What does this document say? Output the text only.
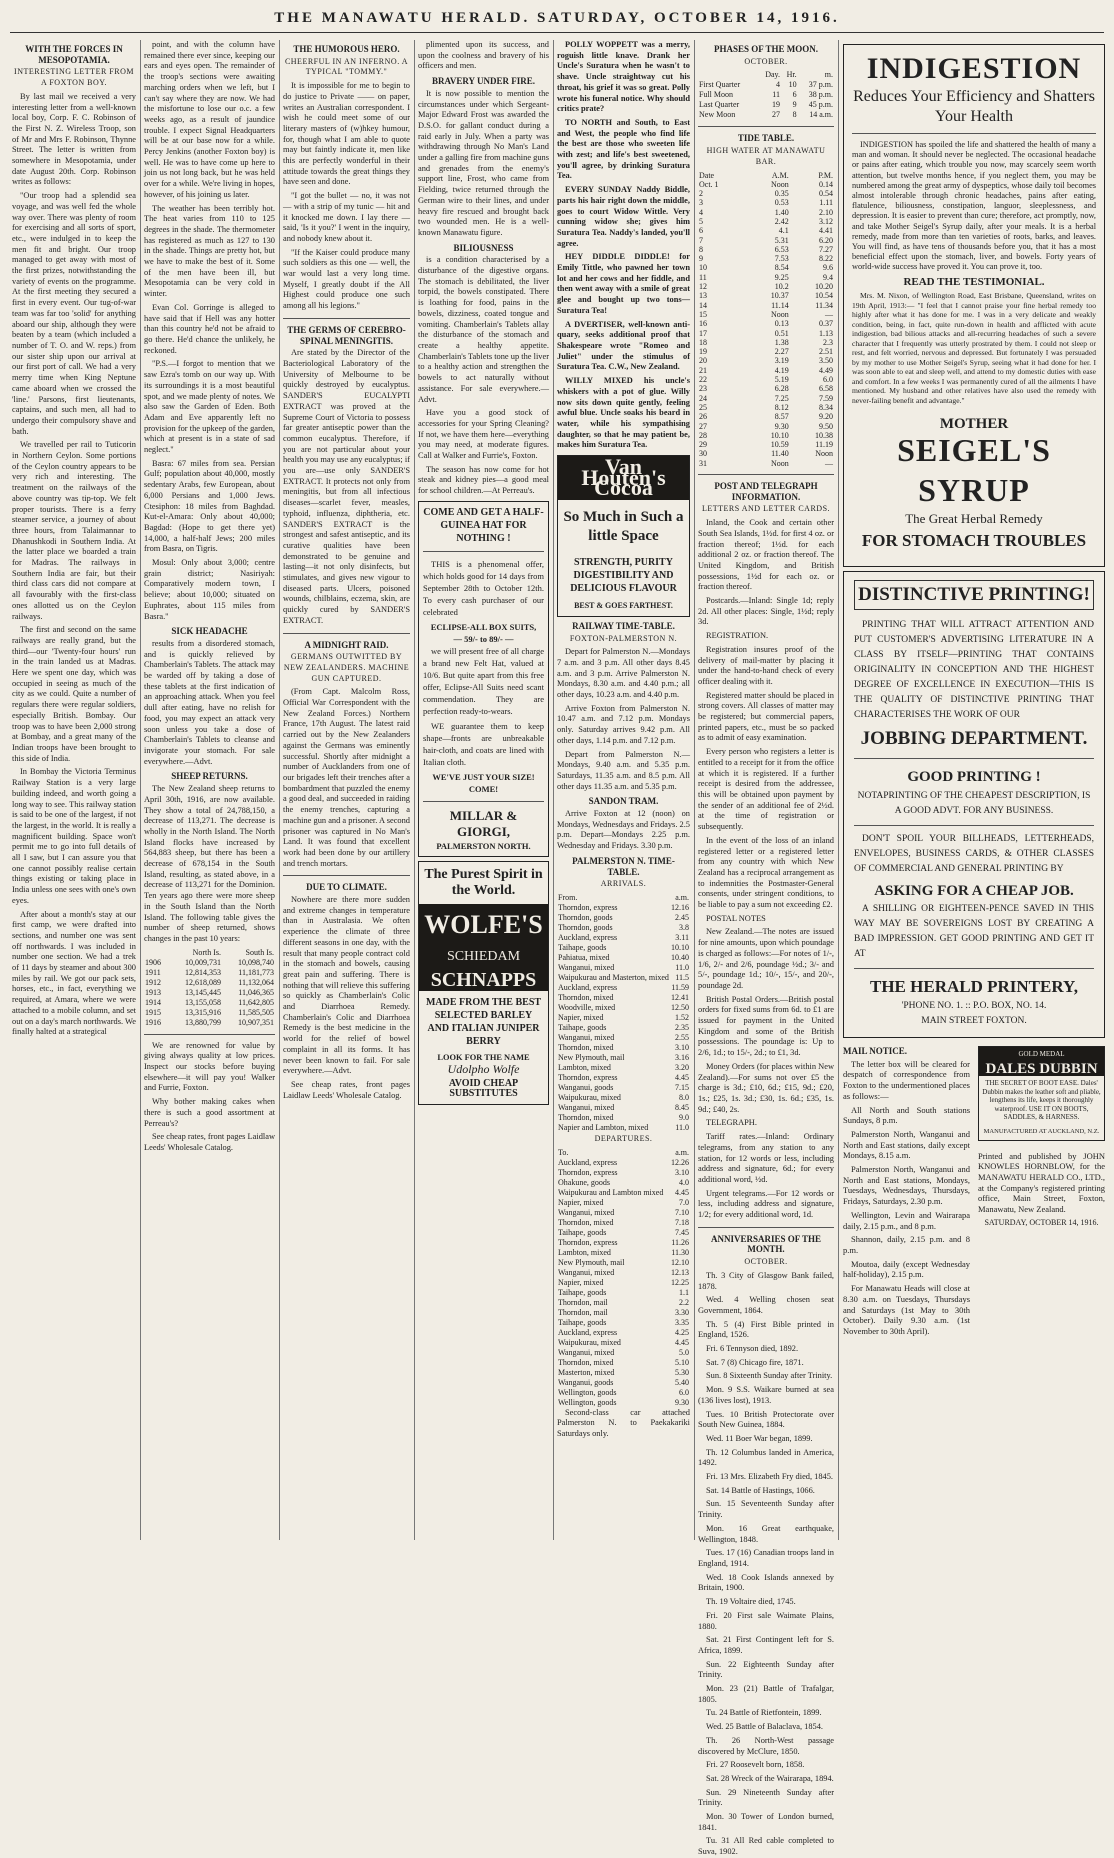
THE MANAWATU HERALD. SATURDAY, OCTOBER 14, 1916.
WITH THE FORCES IN MESOPOTAMIA.
INTERESTING LETTER FROM A FOXTON BOY.

By last mail we received a very interesting letter from a well-known local boy, Corp. F. C. Robinson of the First N. Z. Wireless Troop, son of Mr and Mrs F. Robinson, Thynne Street. The letter is written from somewhere in Mesopotamia, under date August 20th. Corp. Robinson writes as follows:

"Our troop had a splendid sea voyage, and was well fed the whole way over. There was plenty of room for exercising and all sorts of sport, etc., were indulged in to keep the men fit and bright. Our troop managed to get away with most of the first prizes, notwithstanding the variety of events on the programme. At the first meeting they secured a first in every event. Our tug-of-war team was far too 'solid' for anything aboard our ship, although they were beaten by a team (which included a number of T. O. and W. reps.) from our sister ship upon our arrival at our first port of call. We had a very merry time when King Neptune came aboard when we crossed the 'line.' Parsons, first lieutenants, captains, and such men, all had to undergo their compulsory shave and bath.

We travelled per rail to Tuticorin in Northern Ceylon. Some portions of the Ceylon country appears to be very rich and interesting. The treatment on the railways of the above country was tip-top. We felt proper tourists. There is a ferry steamer service, a journey of about three hours, from Talaimannar to Dhanushkodi in Southern India. At the latter place we boarded a train for Madras. The railways in Southern India are fair, but their third class cars did not compare at all favourably with the first-class ones allotted us on the Ceylon railways.

The first and second on the same railways are really grand, but the third—our 'Twenty-four hours' run in the train landed us at Madras. Here we spent one day, which was occupied in seeing as much of the city as we could. Quite a number of regulars there were regular soldiers, especially British. Bombay. Our troop was to have been 2,000 strong at Bombay, and a great many of the Indian troops have been brought to this side of India.

In Bombay the Victoria Terminus Railway Station is a very large building indeed, and worth going a long way to see. This railway station is said to be one of the largest, if not the largest, in the world. It is really a magnificent building. Space won't permit me to go into full details of all I saw, but I can assure you that one cannot possibly realise certain things existing or taking place in India unless one sees with one's own eyes.

After about a month's stay at our first camp, we were drafted into sections, and number one was sent off northwards. I was included in number one section. We had a trek of 11 days by steamer and about 300 miles by rail. We got our pack sets, horses, etc., in fact, everything we required, at Amara, where we were attached to a mobile column, and set out on a day's march northwards. We finally halted at a strategical

point, and with the column have remained there ever since, keeping our ears and eyes open. The remainder of the troop's sections were awaiting marching orders when we left, but I can't say where they are now. We had the misfortune to lose our o.c. a few weeks ago, as a result of jaundice trouble. I expect Signal Headquarters will be at our base now for a while. Percy Jenkins (another Foxton boy) is well. He was to have come up here to join us not long back, but he was held over for a while. We're living in hopes, however, of his joining us later.

The weather has been terribly hot. The heat varies from 110 to 125 degrees in the shade. The thermometer has registered as much as 127 to 130 in the shade. Things are pretty hot, but we have to make the best of it. Some of the men have been ill, but Mesopotamia can be very cold in winter.

Evan Col. Gorringe is alleged to have said that if Hell was any hotter than this country he'd not be afraid to go there. He'd chance the unlikely, he reckoned.

"P.S.—I forgot to mention that we saw Ezra's tomb on our way up. With its surroundings it is a most beautiful spot, and we made plenty of notes. We also saw the Garden of Eden. Both Adam and Eve apparently left no provision for the upkeep of the garden, which at present is in a state of sad neglect."

Basra: 67 miles from sea. Persian Gulf; population about 40,000, mostly sedentary Arabs, few European, about 6,000 Persians and 1,000 Jews. Ctesiphon: 18 miles from Baghdad. Kut-el-Amara: Only about 40,000; Bagdad: (Hope to get there yet) 14,000, a half-half Jews; 200 miles from Basra, on Tigris.

Mosul: Only about 3,000; centre grain district; Nasiriyah: Comparatively modern town, I believe; about 10,000; situated on Euphrates, about 115 miles from Basra."

SICK HEADACHE

results from a disordered stomach, and is quickly relieved by Chamberlain's Tablets. The attack may be warded off by taking a dose of these tablets at the first indication of an approaching attack. When you feel dull after eating, have no relish for food, you may expect an attack very soon unless you take a dose of Chamberlain's Tablets to cleanse and invigorate your stomach. For sale everywhere.—Advt.

SHEEP RETURNS.

The New Zealand sheep returns to April 30th, 1916, are now available. They show a total of 24,788,150, a decrease of 113,271. The decrease is wholly in the North Island. The North Island flocks have increased by 564,883 sheep, but there has been a decrease of 678,154 in the South Island, resulting, as stated above, in a decrease of 113,271 for the Dominion. Ten years ago there were more sheep in the South Island than the North Island. The following table gives the number of sheep returned, shows changes in the past 10 years:

	North Is.	South Is.
1906	10,009,731	10,098,740
1911	12,814,353	11,181,773
1912	12,618,089	11,132,064
1913	13,145,445	11,046,365
1914	13,155,058	11,642,805
1915	13,315,916	11,585,505
1916	13,880,799	10,907,351

We are renowned for value by giving always quality at low prices. Inspect our stocks before buying elsewhere—it will pay you! Walker and Furrie, Foxton.

Why bother making cakes when there is such a good assortment at Perreau's?

See cheap rates, front pages Laidlaw Leeds' Wholesale Catalog.

THE HUMOROUS HERO.
CHEERFUL IN AN INFERNO. A TYPICAL "TOMMY."

It is impossible for me to begin to do justice to Private —— on paper, writes an Australian correspondent. I wish he could meet some of our literary masters of (w)hkey humour, for, though what I am able to quote may but faintly indicate it, men like this are perfectly wonderful in their attitude towards the great things they have seen and done.

"I got the bullet — no, it was not — with a strip of my tunic — hit and it knocked me down. I lay there — said, 'Is it you?' I went in the inquiry, and nobody knew about it.

"If the Kaiser could produce many such soldiers as this one — well, the war would last a very long time. Myself, I greatly doubt if the All Highest could produce one such among all his legions."

THE GERMS OF CEREBRO-SPINAL MENINGITIS.

Are stated by the Director of the Bacteriological Laboratory of the University of Melbourne to be quickly destroyed by eucalyptus. SANDER'S EUCALYPTI EXTRACT was proved at the Supreme Court of Victoria to possess far greater antiseptic power than the common eucalyptus. Therefore, if you are not particular about your health you may use any eucalyptus; if you are—use only SANDER'S EXTRACT. It protects not only from meningitis, but from all infectious diseases—scarlet fever, measles, typhoid, influenza, diphtheria, etc. SANDER'S EXTRACT is the strongest and safest antiseptic, and its curative qualities have been demonstrated to be genuine and lasting—it not only disinfects, but stimulates, and gives new vigour to diseased parts. Ulcers, poisoned wounds, chilblains, eczema, skin, are quickly cured by SANDER'S EXTRACT.

A MIDNIGHT RAID.
GERMANS OUTWITTED BY NEW ZEALANDERS. MACHINE GUN CAPTURED.

(From Capt. Malcolm Ross, Official War Correspondent with the New Zealand Forces.) Northern France, 17th August. The latest raid carried out by the New Zealanders against the Germans was eminently successful. Shortly after midnight a number of Aucklanders from one of our brigades left their trenches after a bombardment that puzzled the enemy a good deal, and succeeded in raiding the enemy trenches, capturing a machine gun and a prisoner. A second prisoner was captured in No Man's Land. It was found that excellent work had been done by our artillery and trench mortars.

DUE TO CLIMATE.

Nowhere are there more sudden and extreme changes in temperature than in Australasia. We often experience the climate of three different seasons in one day, with the result that many people contract cold in the stomach and bowels, causing great pain and suffering. There is nothing that will relieve this suffering so quickly as Chamberlain's Colic and Diarrhoea Remedy. Chamberlain's Colic and Diarrhoea Remedy is the best medicine in the world for the relief of bowel complaint in all its forms. It has never been known to fail. For sale everywhere.—Advt.

See cheap rates, front pages Laidlaw Leeds' Wholesale Catalog.

plimented upon its success, and upon the coolness and bravery of his officers and men.

BRAVERY UNDER FIRE.

It is now possible to mention the circumstances under which Sergeant-Major Edward Frost was awarded the D.S.O. for gallant conduct during a raid early in July. When a party was withdrawing through No Man's Land under a galling fire from machine guns and grenades from the enemy's support line, Frost, who came from Fielding, twice returned through the German wire to their lines, and under heavy fire rescued and brought back two wounded men. He is a well-known Manawatu figure.

BILIOUSNESS

is a condition characterised by a disturbance of the digestive organs. The stomach is debilitated, the liver torpid, the bowels constipated. There is loathing for food, pains in the bowels, dizziness, coated tongue and vomiting. Chamberlain's Tablets allay the disturbance of the stomach and create a healthy appetite. Chamberlain's Tablets tone up the liver to a healthy action and strengthen the bowels to act naturally without assistance. For sale everywhere.—Advt.

Have you a good stock of accessories for your Spring Cleaning? If not, we have them here—everything you may need, at moderate figures. Call at Walker and Furrie's, Foxton.

The season has now come for hot steak and kidney pies—a good meal for school children.—At Perreau's.

COME AND GET A HALF-GUINEA HAT FOR NOTHING !

THIS is a phenomenal offer, which holds good for 14 days from September 28th to October 12th. To every cash purchaser of our celebrated

ECLIPSE-ALL BOX SUITS,
— 59/- to 89/- —

we will present free of all charge a brand new Felt Hat, valued at 10/6. But quite apart from this free offer, Eclipse-All Suits need scant commendation. They are perfection ready-to-wears.

WE guarantee them to keep shape—fronts are unbreakable hair-cloth, and coats are lined with Italian cloth.

WE'VE JUST YOUR SIZE! COME!
MILLAR & GIORGI,
PALMERSTON NORTH.
The Purest Spirit in the World.
WOLFE'S
SCHIEDAM
SCHNAPPS
MADE FROM THE BEST SELECTED BARLEY AND ITALIAN JUNIPER BERRY
LOOK FOR THE NAME
Udolpho Wolfe
AVOID CHEAP SUBSTITUTES

POLLY WOPPETT was a merry, roguish little knave. Drank her Uncle's Suratura when he wasn't to shave. Uncle straightway cut his throat, his grief it was so great. Polly wrote his funeral notice. Why should critics prate?

TO NORTH and South, to East and West, the people who find life the best are those who sweeten life with zest; and life's best sweetened, you'll agree, by drinking Suratura Tea.

EVERY SUNDAY Naddy Biddle, parts his hair right down the middle, goes to court Widow Wittle. Very cunning widow she; gives him Suratura Tea. Naddy's landed, you'll agree.

HEY DIDDLE DIDDLE! for Emily Tittle, who pawned her town lot and her cows and her fiddle, and then went away with a smile of great glee and bought up two tons—Suratura Tea!

A DVERTISER, well-known anti-quary, seeks additional proof that Shakespeare wrote "Romeo and Juliet" under the stimulus of Suratura Tea. C.W., New Zealand.

WILLY MIXED his uncle's whiskers with a pot of glue. Willy now sits down quite gently, feeling awful blue. Uncle soaks his beard in water, while his sympathising daughter, so that he may patient be, makes him Suratura Tea.

Van Houten's Cocoa
So Much in Such a little Space
STRENGTH, PURITY DIGESTIBILITY AND DELICIOUS FLAVOUR
BEST & GOES FARTHEST.
RAILWAY TIME-TABLE.
FOXTON-PALMERSTON N.

Depart for Palmerston N.—Mondays 7 a.m. and 3 p.m. All other days 8.45 a.m. and 3 p.m. Arrive Palmerston N. Mondays, 8.30 a.m. and 4.40 p.m.; all other days, 10.23 a.m. and 4.40 p.m.

Arrive Foxton from Palmerston N. 10.47 a.m. and 7.12 p.m. Mondays only. Saturday arrives 9.42 p.m. All other days, 1.14 p.m. and 7.12 p.m.

Depart from Palmerston N.—Mondays, 9.40 a.m. and 5.35 p.m. Saturdays, 11.35 a.m. and 8.5 p.m. All other days 11.35 a.m. and 5.35 p.m.

SANDON TRAM.

Arrive Foxton at 12 (noon) on Mondays, Wednesdays and Fridays. 2.5 p.m. Depart—Mondays 2.25 p.m. Wednesday and Fridays. 3.30 p.m.

PALMERSTON N. TIME-TABLE.
ARRIVALS.
From.	a.m.
Thorndon, express	12.16
Thorndon, goods	2.45
Thorndon, goods	3.8
Auckland, express	3.11
Taihape, goods	10.10
Pahiatua, mixed	10.40
Wanganui, mixed	11.0
Waipukurau and Masterton, mixed	11.5
Auckland, express	11.59
Thorndon, mixed	12.41
Woodville, mixed	12.50
Napier, mixed	1.52
Taihape, goods	2.35
Wanganui, mixed	2.55
Thorndon, mixed	3.10
New Plymouth, mail	3.16
Lambton, mixed	3.20
Thorndon, express	4.45
Wanganui, goods	7.15
Waipukurau, mixed	8.0
Wanganui, mixed	8.45
Thorndon, mixed	9.0
Napier and Lambton, mixed	11.0
DEPARTURES.
To.	a.m.
Auckland, express	12.26
Thorndon, express	3.10
Ohakune, goods	4.0
Waipukurau and Lambton mixed	4.45
Napier, mixed	7.0
Wanganui, mixed	7.10
Thorndon, mixed	7.18
Taihape, goods	7.45
Thorndon, express	11.26
Lambton, mixed	11.30
New Plymouth, mail	12.10
Wanganui, mixed	12.13
Napier, mixed	12.25
Taihape, goods	1.1
Thorndon, mail	2.2
Thorndon, mail	3.30
Taihape, goods	3.35
Auckland, express	4.25
Waipukurau, mixed	4.45
Wanganui, mixed	5.0
Thorndon, mixed	5.10
Masterton, mixed	5.30
Wanganui, goods	5.40
Wellington, goods	6.0
Wellington, goods	9.30

Second-class car attached Palmerston N. to Paekakariki Saturdays only.

PHASES OF THE MOON.
OCTOBER.
	Day.	Hr.	m.
First Quarter	4	10	37 p.m.
Full Moon	11	6	38 p.m.
Last Quarter	19	9	45 p.m.
New Moon	27	8	14 a.m.
TIDE TABLE.
HIGH WATER AT MANAWATU BAR.
Date	A.M.	P.M.
Oct. 1	Noon	0.14
2	0.35	0.54
3	0.53	1.11
4	1.40	2.10
5	2.42	3.12
6	4.1	4.41
7	5.31	6.20
8	6.53	7.27
9	7.53	8.22
10	8.54	9.6
11	9.25	9.4
12	10.2	10.20
13	10.37	10.54
14	11.14	11.34
15	Noon	—
16	0.13	0.37
17	0.51	1.13
18	1.38	2.3
19	2.27	2.51
20	3.19	3.50
21	4.19	4.49
22	5.19	6.0
23	6.28	6.58
24	7.25	7.59
25	8.12	8.34
26	8.57	9.20
27	9.30	9.50
28	10.10	10.38
29	10.59	11.19
30	11.40	Noon
31	Noon	—
POST AND TELEGRAPH INFORMATION.
LETTERS AND LETTER CARDS.

Inland, the Cook and certain other South Sea Islands, 1½d. for first 4 oz. or fraction thereof; 1½d. for each additional 2 oz. or fraction thereof. The United Kingdom, and British possessions, 1½d for each oz. or fraction thereof.

Postcards.—Inland: Single 1d; reply 2d. All other places: Single, 1½d; reply 3d.

REGISTRATION.

Registration insures proof of the delivery of mail-matter by placing it under the hand-to-hand check of every officer dealing with it.

Registered matter should be placed in strong covers. All classes of matter may be registered; but commercial papers, printed papers, etc., must be so packed as to admit of easy examination.

Every person who registers a letter is entitled to a receipt for it from the office at which it is registered. If a further receipt is desired from the addressee, this will be obtained upon payment by the sender of an additional fee of 2½d. at the time of registration or subsequently.

In the event of the loss of an inland registered letter or a registered letter from any country with which New Zealand has a reciprocal arrangement as to indemnities the Postmaster-General consents, under stringent conditions, to be liable to pay a sum not exceeding £2.

POSTAL NOTES

New Zealand.—The notes are issued for nine amounts, upon which poundage is charged as follows:—For notes of 1/-, 1/6, 2/- and 2/6, poundage ½d.; 3/- and 5/-, poundage 1d.; 10/-, 15/-, and 20/-, poundage 2d.

British Postal Orders.—British postal orders for fixed sums from 6d. to £1 are issued for payment in the United Kingdom and some of the British possessions. The poundage is: Up to 2/6, 1d.; to 15/-, 2d.; to £1, 3d.

Money Orders (for places within New Zealand).—For sums not over £5 the charge is 3d.; £10, 6d.; £15, 9d.; £20, 1s.; £25, 1s. 3d.; £30, 1s. 6d.; £35, 1s. 9d.; £40, 2s.

TELEGRAPH.

Tariff rates.—Inland: Ordinary telegrams, from any station to any station, for 12 words or less, including address and signature, 6d.; for every additional word, ½d.

Urgent telegrams.—For 12 words or less, including address and signature, 1/2; for every additional word, 1d.

ANNIVERSARIES OF THE MONTH.
OCTOBER.

Th. 3 City of Glasgow Bank failed, 1878.

Wed. 4 Welling chosen seat Government, 1864.

Th. 5 (4) First Bible printed in England, 1526.

Fri. 6 Tennyson died, 1892.

Sat. 7 (8) Chicago fire, 1871.

Sun. 8 Sixteenth Sunday after Trinity.

Mon. 9 S.S. Waikare burned at sea (136 lives lost), 1913.

Tues. 10 British Protectorate over South New Guinea, 1884.

Wed. 11 Boer War began, 1899.

Th. 12 Columbus landed in America, 1492.

Fri. 13 Mrs. Elizabeth Fry died, 1845.

Sat. 14 Battle of Hastings, 1066.

Sun. 15 Seventeenth Sunday after Trinity.

Mon. 16 Great earthquake, Wellington, 1848.

Tues. 17 (16) Canadian troops land in England, 1914.

Wed. 18 Cook Islands annexed by Britain, 1900.

Th. 19 Voltaire died, 1745.

Fri. 20 First sale Waimate Plains, 1880.

Sat. 21 First Contingent left for S. Africa, 1899.

Sun. 22 Eighteenth Sunday after Trinity.

Mon. 23 (21) Battle of Trafalgar, 1805.

Tu. 24 Battle of Rietfontein, 1899.

Wed. 25 Battle of Balaclava, 1854.

Th. 26 North-West passage discovered by McClure, 1850.

Fri. 27 Roosevelt born, 1858.

Sat. 28 Wreck of the Wairarapa, 1894.

Sun. 29 Nineteenth Sunday after Trinity.

Mon. 30 Tower of London burned, 1841.

Tu. 31 All Red cable completed to Suva, 1902.

INDIGESTION
Reduces Your Efficiency and Shatters Your Health

INDIGESTION has spoiled the life and shattered the health of many a man and woman. It should never be neglected. The occasional headache or pains after eating, which trouble you now, may scarcely seem worth attention, but twelve months hence, if you neglect them, you may be numbered among the great army of dyspeptics, whose daily toil becomes almost intolerable through chronic headaches, pains after eating, flatulence, biliousness, constipation, languor, sleeplessness, and depression. It is easier to prevent than cure; therefore, act promptly, now, and take Mother Seigel's Syrup daily, after your meals. It is a herbal remedy, made from more than ten varieties of roots, barks, and leaves. You will find, as have tens of thousands before you, that it has a most beneficial effect upon the stomach, liver, and bowels. Forty years of world-wide success have proved it. You can prove it, too.

READ THE TESTIMONIAL.

Mrs. M. Nixon, of Wellington Road, East Brisbane, Queensland, writes on 19th April, 1913:— "I feel that I cannot praise your fine herbal remedy too highly after what it has done for me. I was in a very delicate and weakly condition, being, in fact, quite run-down in health and afflicted with acute indigestion, bad bilious attacks and all-recurring headaches of such a severe character that I frequently was utterly prostrated by them. I could not sleep or rest, and felt worried, nervous and depressed. But fortunately I was persuaded by my mother to use Mother Seigel's Syrup, seeing what it had done for her. I was soon able to eat and sleep well, and attend to my domestic duties with ease and comfort. In a few weeks I was permanently cured of all the ailments I have mentioned. My husband and other relatives have also used the remedy with never-failing benefit and advantage."

MOTHER
SEIGEL'S SYRUP
The Great Herbal Remedy
FOR STOMACH TROUBLES
DISTINCTIVE PRINTING!

PRINTING THAT WILL ATTRACT ATTENTION AND PUT CUSTOMER'S ADVERTISING LITERATURE IN A CLASS BY ITSELF—PRINTING THAT CONTAINS ORIGINALITY IN CONCEPTION AND THE HIGHEST DEGREE OF EXCELLENCE IN EXECUTION—THIS IS THE QUALITY OF DISTINCTIVE PRINTING THAT CHARACTERISES THE WORK OF OUR

JOBBING DEPARTMENT.
GOOD PRINTING !

NOTAPRINTING OF THE CHEAPEST DESCRIPTION, IS A GOOD ADVT. FOR ANY BUSINESS.

DON'T SPOIL YOUR BILLHEADS, LETTERHEADS, ENVELOPES, BUSINESS CARDS, & OTHER CLASSES OF COMMERCIAL AND GENERAL PRINTING BY

ASKING FOR A CHEAP JOB.

A SHILLING OR EIGHTEEN-PENCE SAVED IN THIS WAY MAY BE SOVEREIGNS LOST BY CREATING A BAD IMPRESSION. GET GOOD PRINTING AND GET IT AT

THE HERALD PRINTERY,
'PHONE NO. 1. :: P.O. BOX, NO. 14.
MAIN STREET FOXTON.
MAIL NOTICE.

The letter box will be cleared for despatch of correspondence from Foxton to the undermentioned places as follows:—

All North and South stations Sundays, 8 p.m.

Palmerston North, Wanganui and North and East stations, daily except Mondays, 8.15 a.m.

Palmerston North, Wanganui and North and East stations, Mondays, Tuesdays, Wednesdays, Thursdays, Fridays, Saturdays, 2.30 p.m.

Wellington, Levin and Wairarapa daily, 2.15 p.m., and 8 p.m.

Shannon, daily, 2.15 p.m. and 8 p.m.

Moutoa, daily (except Wednesday half-holiday), 2.15 p.m.

For Manawatu Heads will close at 8.30 a.m. on Tuesdays, Thursdays and Saturdays (1st May to 30th October). Daily 9.30 a.m. (1st November to 30th April).

GOLD MEDAL
DALES DUBBIN
THE SECRET OF BOOT EASE. Dales' Dubbin makes the leather soft and pliable, lengthens its life, keeps it thoroughly waterproof. USE IT ON BOOTS, SADDLES, & HARNESS.
MANUFACTURED AT AUCKLAND, N.Z.

Printed and published by JOHN KNOWLES HORNBLOW, for the MANAWATU HERALD CO., LTD., at the Company's registered printing office, Main Street, Foxton, Manawatu, New Zealand.

SATURDAY, OCTOBER 14, 1916.
